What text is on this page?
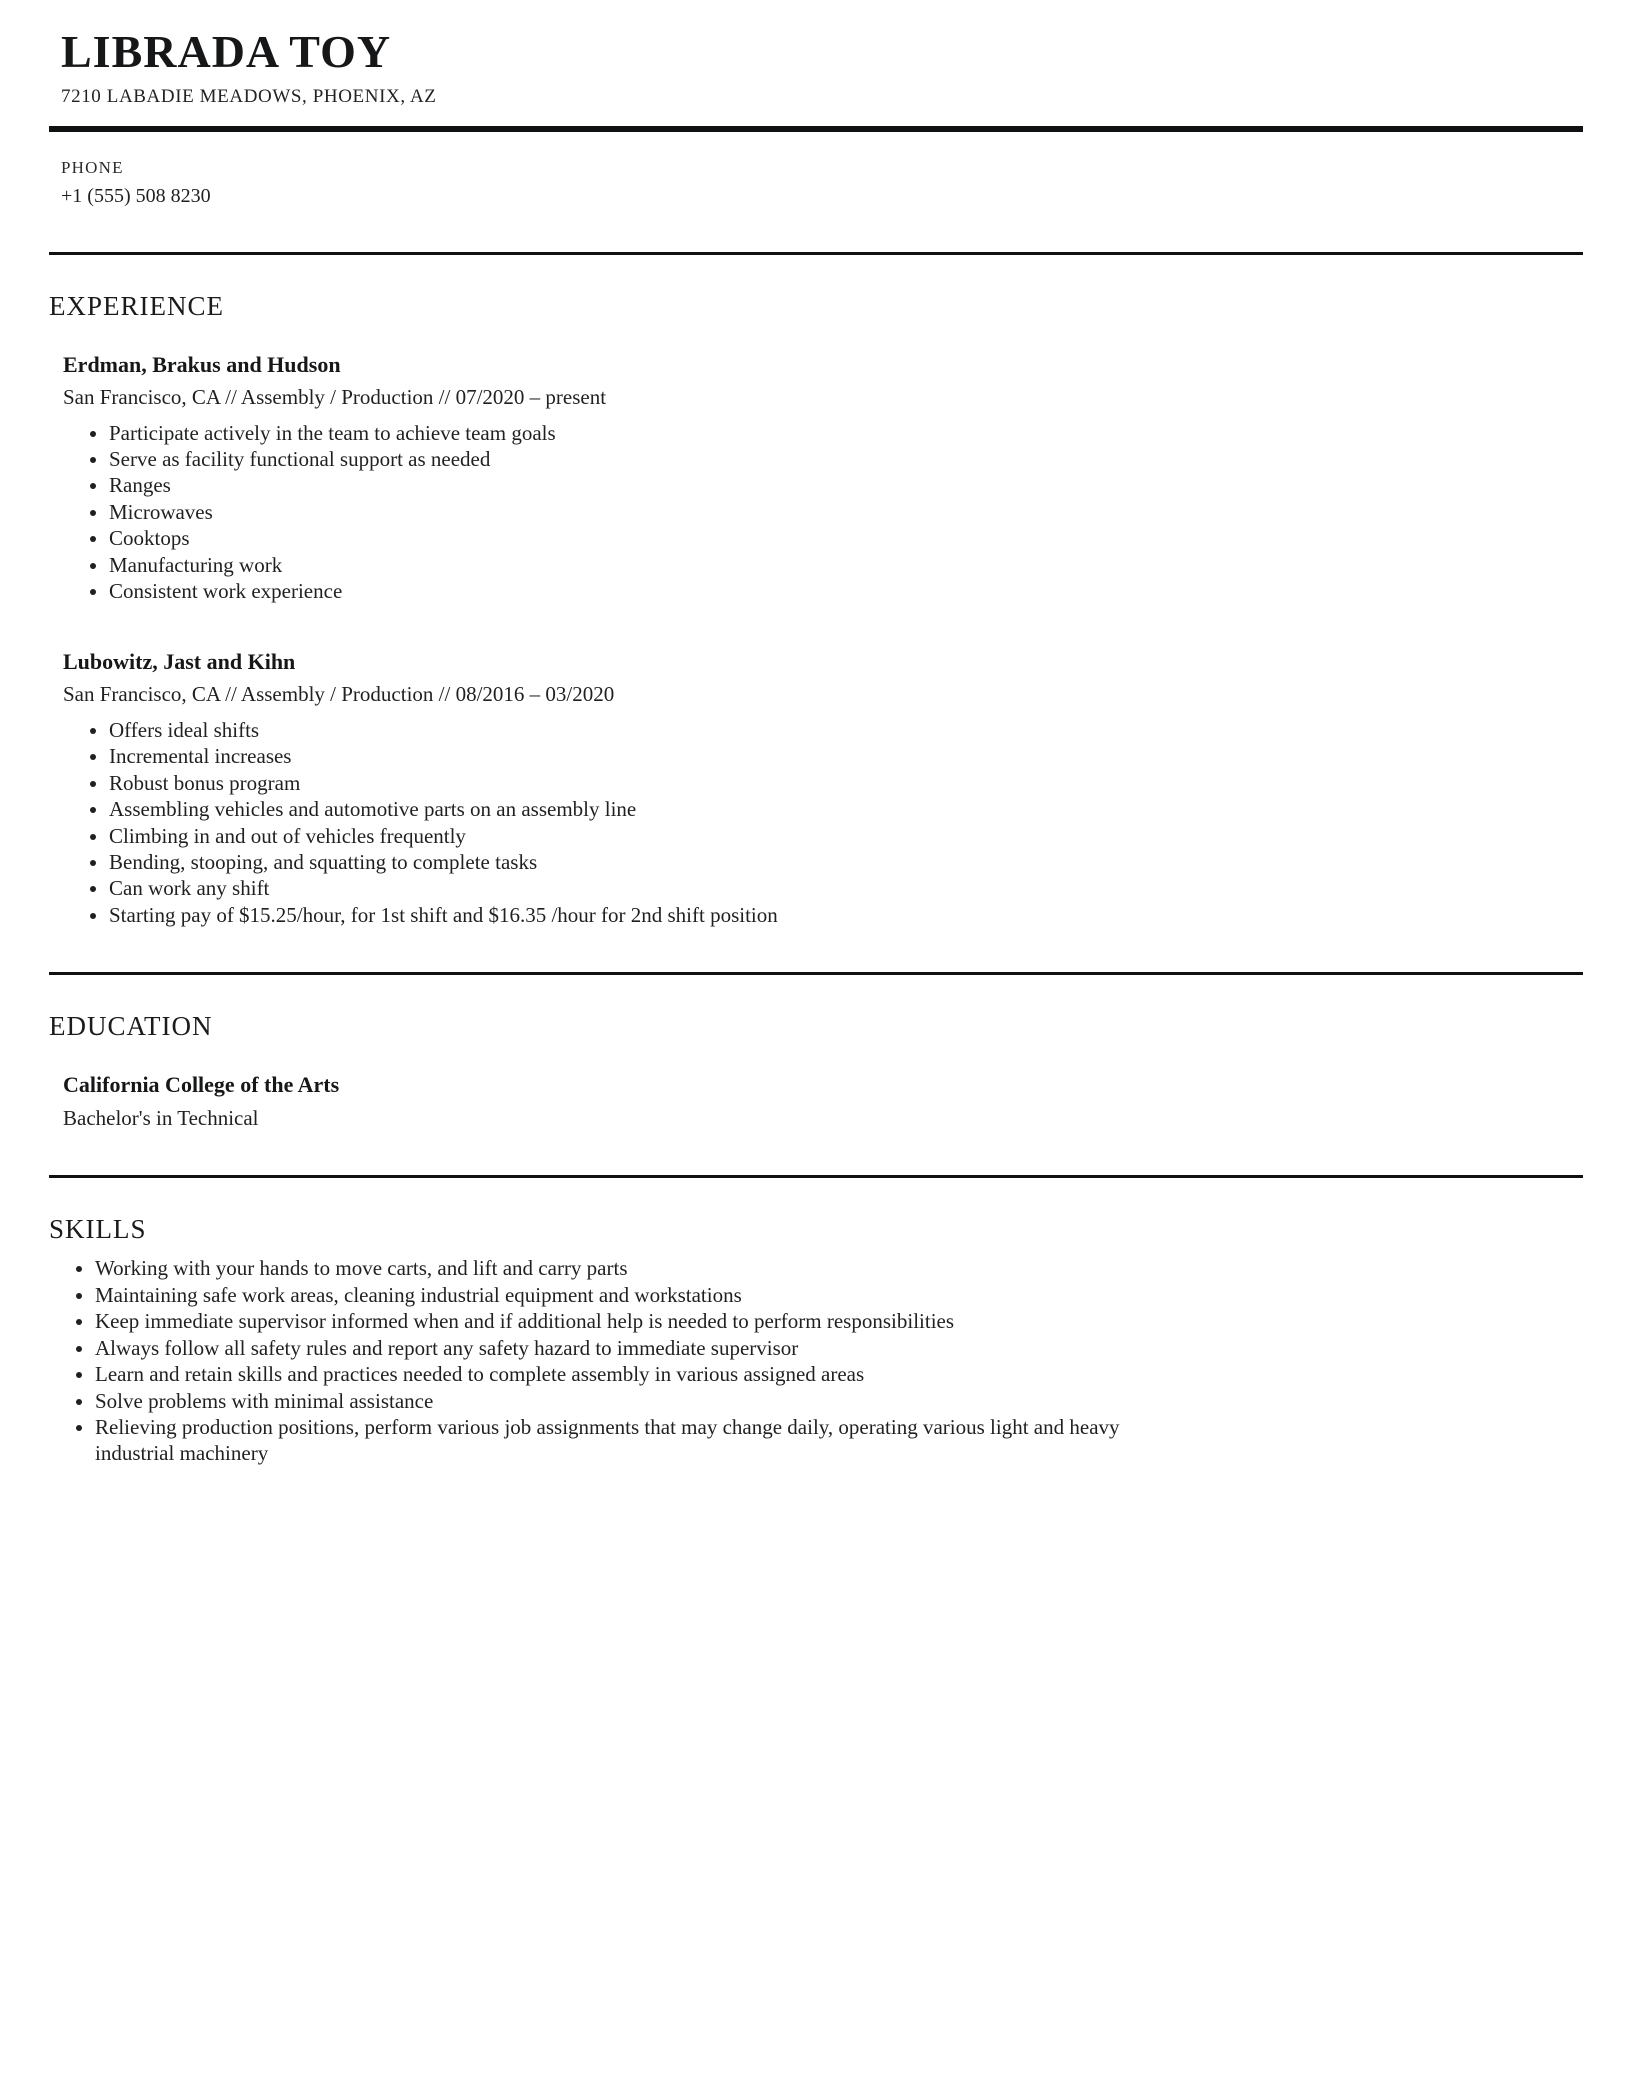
LIBRADA TOY

7210 LABADIE MEADOWS, PHOENIX, AZ

PHONE
+1 (555) 508 8230
EXPERIENCE
Erdman, Brakus and Hudson

San Francisco, CA // Assembly / Production // 07/2020 – present

• Participate actively in the team to achieve team goals
• Serve as facility functional support as needed
• Ranges
• Microwaves
• Cooktops
• Manufacturing work
• Consistent work experience
Lubowitz, Jast and Kihn

San Francisco, CA // Assembly / Production // 08/2016 – 03/2020

• Offers ideal shifts
• Incremental increases
• Robust bonus program
• Assembling vehicles and automotive parts on an assembly line
• Climbing in and out of vehicles frequently
• Bending, stooping, and squatting to complete tasks
• Can work any shift
• Starting pay of $15.25/hour, for 1st shift and $16.35 /hour for 2nd shift position
EDUCATION
California College of the Arts

Bachelor's in Technical

SKILLS
• Working with your hands to move carts, and lift and carry parts
• Maintaining safe work areas, cleaning industrial equipment and workstations
• Keep immediate supervisor informed when and if additional help is needed to perform responsibilities
• Always follow all safety rules and report any safety hazard to immediate supervisor
• Learn and retain skills and practices needed to complete assembly in various assigned areas
• Solve problems with minimal assistance
• Relieving production positions, perform various job assignments that may change daily, operating various light and heavy industrial machinery
